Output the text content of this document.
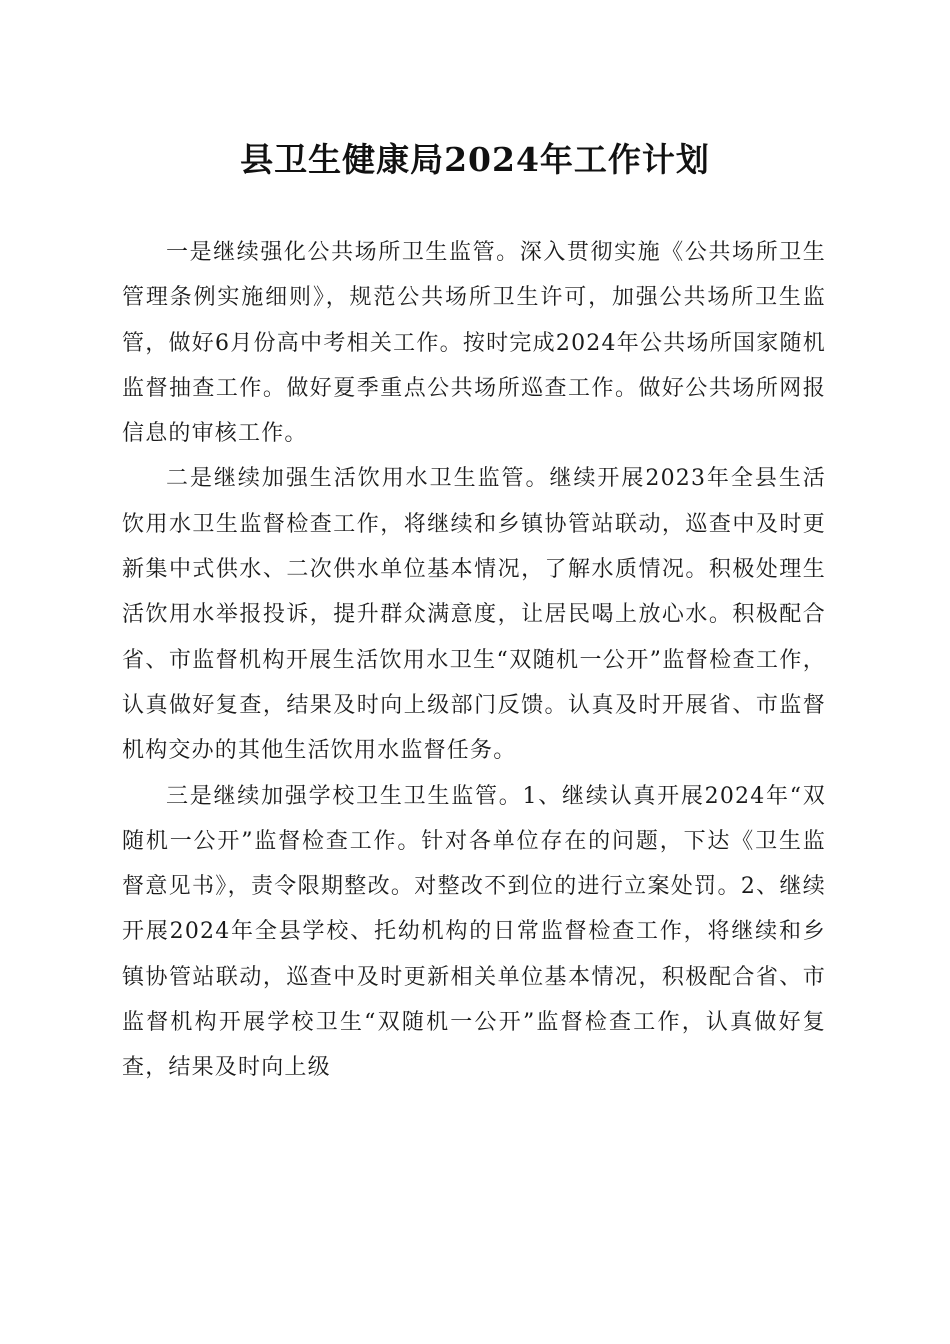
县卫生健康局2024年工作计划

一是继续强化公共场所卫生监管。深入贯彻实施《公共场所卫生管理条例实施细则》，规范公共场所卫生许可，加强公共场所卫生监管，做好6月份高中考相关工作。按时完成2024年公共场所国家随机监督抽查工作。做好夏季重点公共场所巡查工作。做好公共场所网报信息的审核工作。

二是继续加强生活饮用水卫生监管。继续开展2023年全县生活饮用水卫生监督检查工作，将继续和乡镇协管站联动，巡查中及时更新集中式供水、二次供水单位基本情况，了解水质情况。积极处理生活饮用水举报投诉，提升群众满意度，让居民喝上放心水。积极配合省、市监督机构开展生活饮用水卫生“双随机一公开”监督检查工作，认真做好复查，结果及时向上级部门反馈。认真及时开展省、市监督机构交办的其他生活饮用水监督任务。

三是继续加强学校卫生卫生监管。1、继续认真开展2024年“双随机一公开”监督检查工作。针对各单位存在的问题，下达《卫生监督意见书》，责令限期整改。对整改不到位的进行立案处罚。2、继续开展2024年全县学校、托幼机构的日常监督检查工作，将继续和乡镇协管站联动，巡查中及时更新相关单位基本情况，积极配合省、市监督机构开展学校卫生“双随机一公开”监督检查工作，认真做好复查，结果及时向上级
